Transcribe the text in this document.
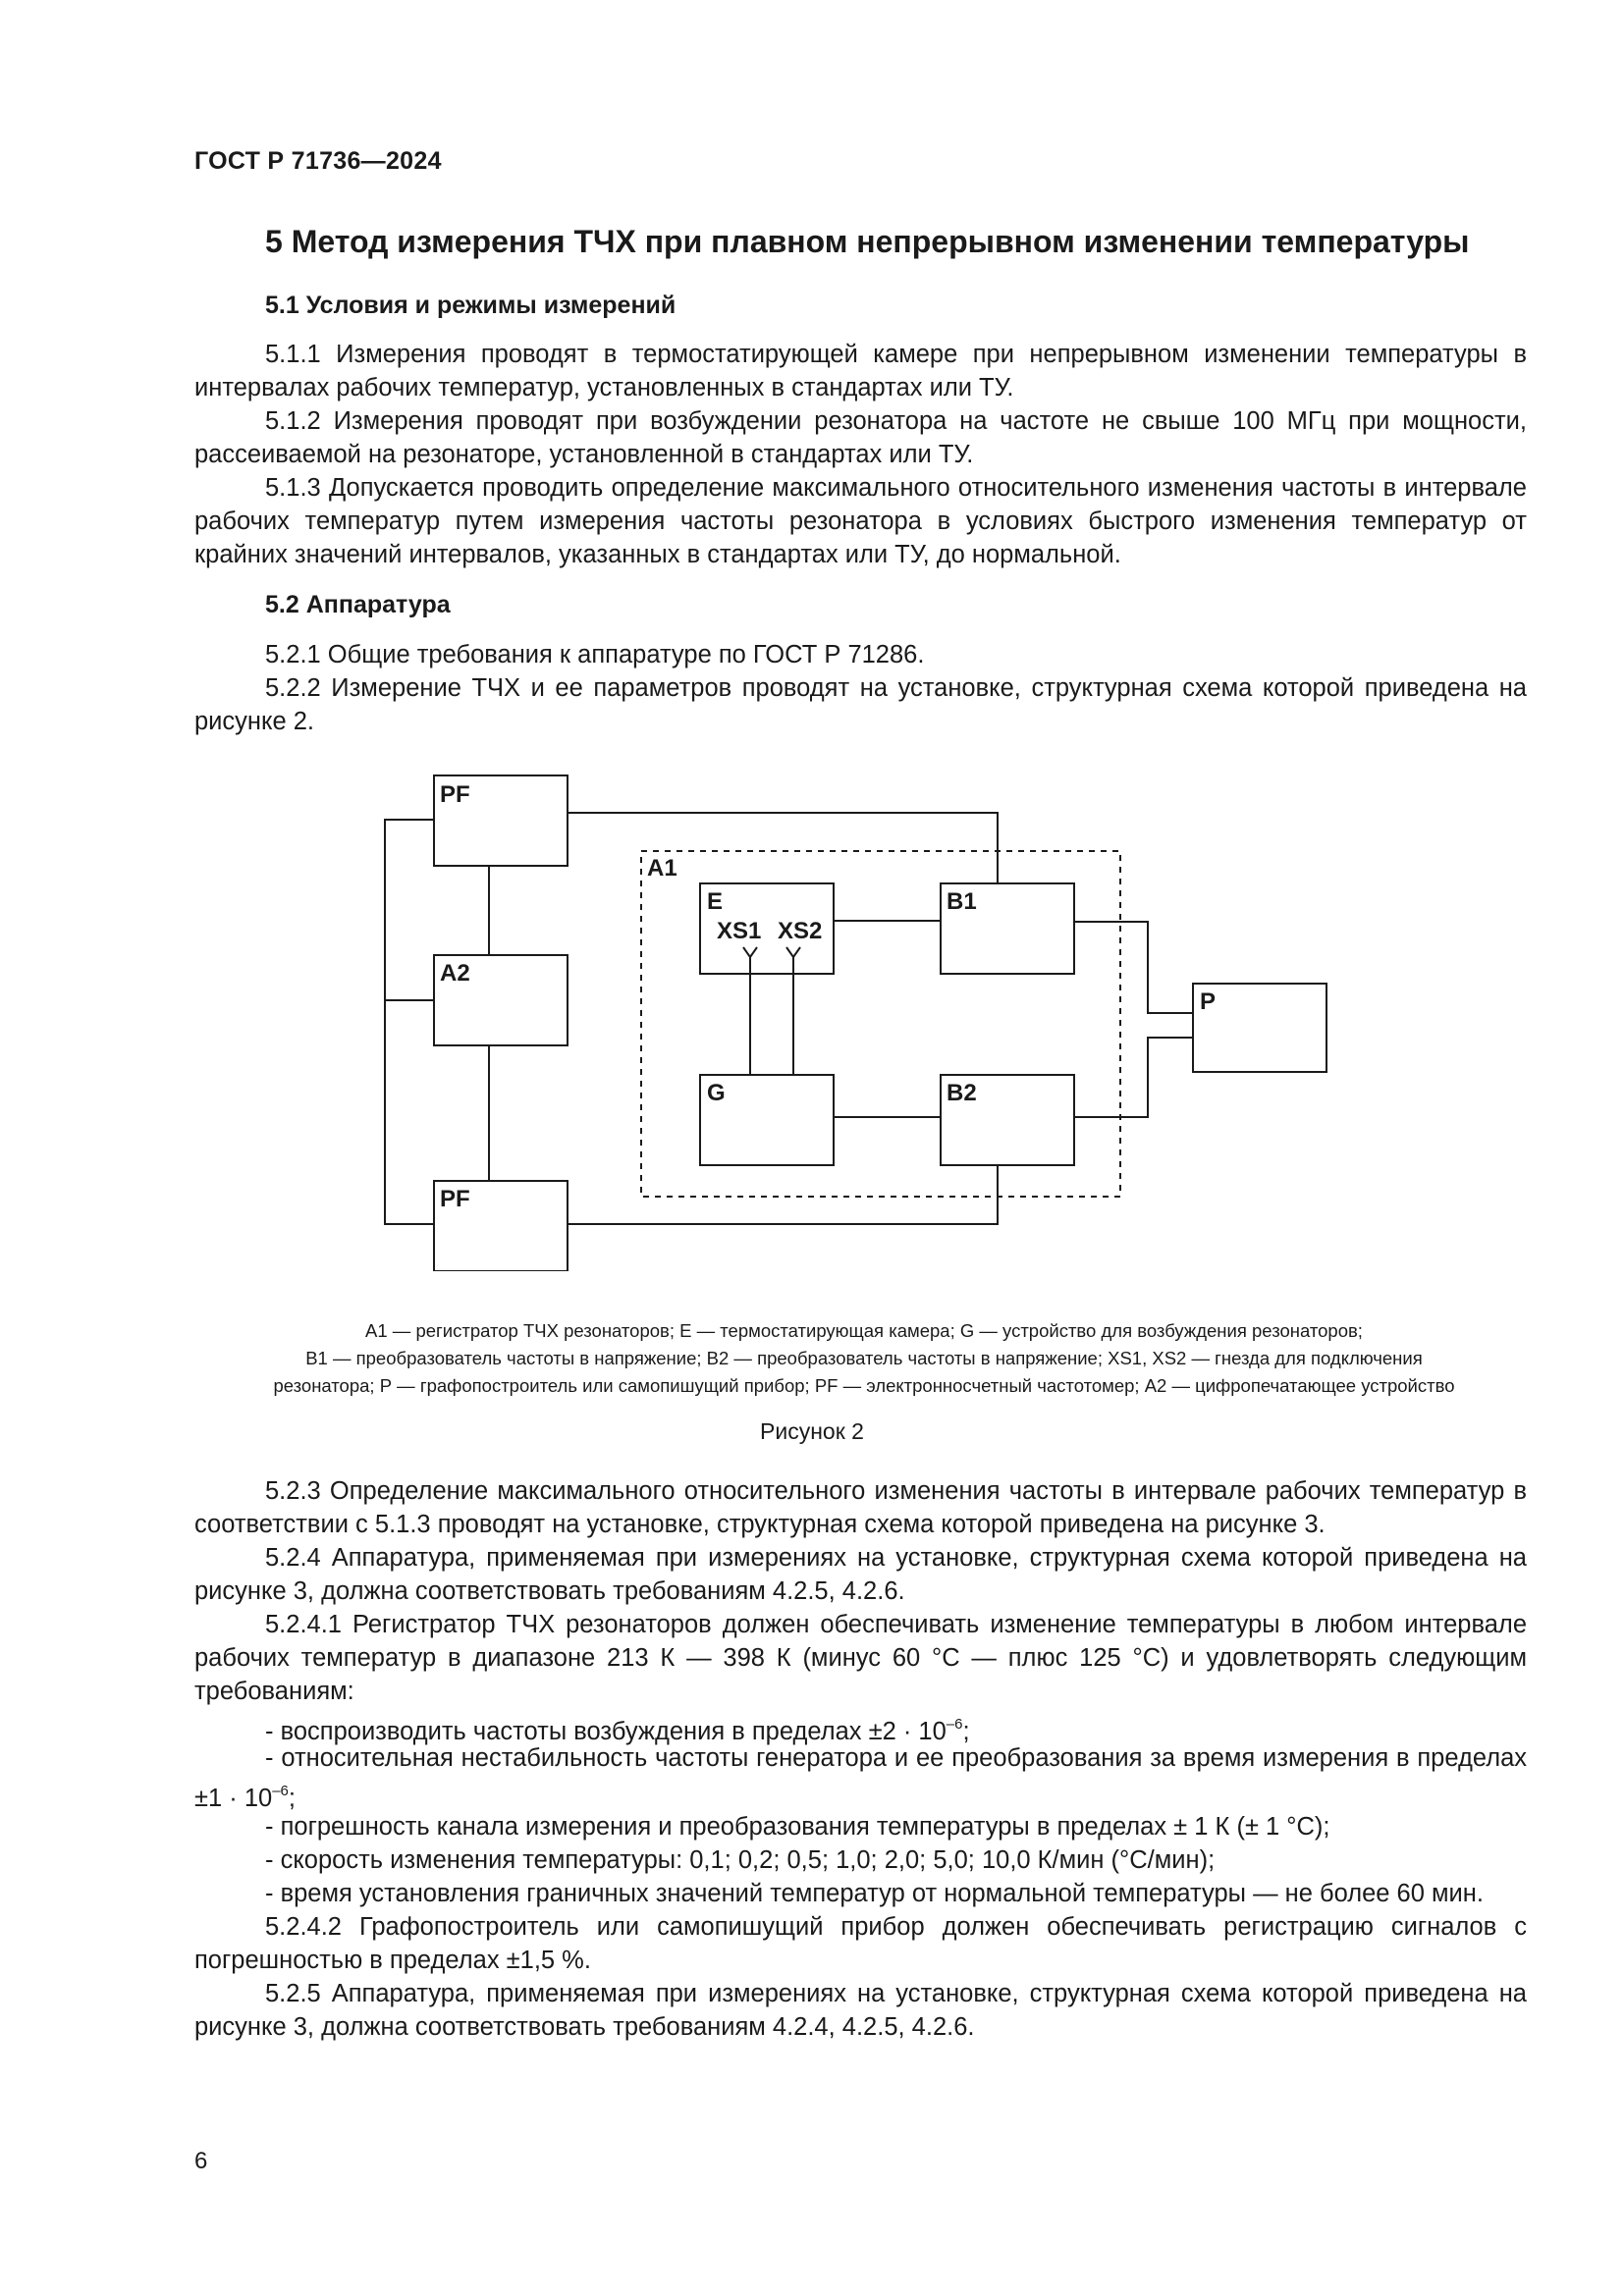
ГОСТ Р 71736—2024
5 Метод измерения ТЧХ при плавном непрерывном изменении температуры
5.1 Условия и режимы измерений
5.1.1 Измерения проводят в термостатирующей камере при непрерывном изменении температуры в интервалах рабочих температур, установленных в стандартах или ТУ.
5.1.2 Измерения проводят при возбуждении резонатора на частоте не свыше 100 МГц при мощности, рассеиваемой на резонаторе, установленной в стандартах или ТУ.
5.1.3 Допускается проводить определение максимального относительного изменения частоты в интервале рабочих температур путем измерения частоты резонатора в условиях быстрого изменения температур от крайних значений интервалов, указанных в стандартах или ТУ, до нормальной.
5.2 Аппаратура
5.2.1 Общие требования к аппаратуре по ГОСТ Р 71286.
5.2.2 Измерение ТЧХ и ее параметров проводят на установке, структурная схема которой приведена на рисунке 2.
PF
A2
PF
A1
E
XS1 XS2
B1
G	B2
P
А1 — регистратор ТЧХ резонаторов; Е — термостатирующая камера; G — устройство для возбуждения резонаторов;
В1 — преобразователь частоты в напряжение; В2 — преобразователь частоты в напряжение; XS1, XS2 — гнезда для подключения
резонатора; Р — графопостроитель или самопишущий прибор; PF — электронносчетный частотомер; А2 — цифропечатающее устройство
Рисунок 2
5.2.3 Определение максимального относительного изменения частоты в интервале рабочих температур в соответствии с 5.1.3 проводят на установке, структурная схема которой приведена на рисунке 3.
5.2.4 Аппаратура, применяемая при измерениях на установке, структурная схема которой приведена на рисунке 3, должна соответствовать требованиям 4.2.5, 4.2.6.
5.2.4.1 Регистратор ТЧХ резонаторов должен обеспечивать изменение температуры в любом интервале рабочих температур в диапазоне 213 К — 398 К (минус 60 °С — плюс 125 °С) и удовлетворять следующим требованиям:
- воспроизводить частоты возбуждения в пределах $\pm 2 \cdot 10^{-6}$;
- относительная нестабильность частоты генератора и ее преобразования за время измерения в пределах $\pm 1 \cdot 10^{-6}$;
- погрешность канала измерения и преобразования температуры в пределах ± 1 К (± 1 °С);
- скорость изменения температуры: 0,1; 0,2; 0,5; 1,0; 2,0; 5,0; 10,0 К/мин (°С/мин);
- время установления граничных значений температур от нормальной температуры — не более 60 мин.
5.2.4.2 Графопостроитель или самопишущий прибор должен обеспечивать регистрацию сигналов с погрешностью в пределах ±1,5 %.
5.2.5 Аппаратура, применяемая при измерениях на установке, структурная схема которой приведена на рисунке 3, должна соответствовать требованиям 4.2.4, 4.2.5, 4.2.6.
6
